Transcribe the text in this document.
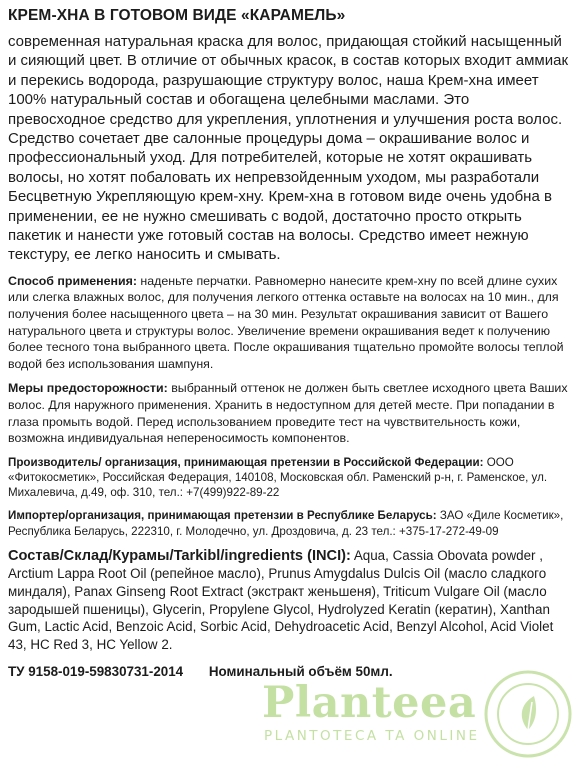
КРЕМ-ХНА В ГОТОВОМ ВИДЕ «КАРАМЕЛЬ»

современная натуральная краска для волос, придающая стойкий насыщенный и сияющий цвет. В отличие от обычных красок, в состав которых входит аммиак и перекись водорода, разрушающие структуру волос, наша Крем-хна имеет 100% натуральный состав и обогащена целебными маслами. Это превосходное средство для укрепления, уплотнения и улучшения роста волос. Средство сочетает две салонные процедуры дома – окрашивание волос и профессиональный уход. Для потребителей, которые не хотят окрашивать волосы, но хотят побаловать их непревзойденным уходом, мы разработали Бесцветную Укрепляющую крем-хну. Крем-хна в готовом виде очень удобна в применении, ее не нужно смешивать с водой, достаточно просто открыть пакетик и нанести уже готовый состав на волосы. Средство имеет нежную текстуру, ее легко наносить и смывать.

Способ применения: наденьте перчатки. Равномерно нанесите крем-хну по всей длине сухих или слегка влажных волос, для получения легкого оттенка оставьте на волосах на 10 мин., для получения более насыщенного цвета – на 30 мин. Результат окрашивания зависит от Вашего натурального цвета и структуры волос. Увеличение времени окрашивания ведет к получению более тесного тона выбранного цвета. После окрашивания тщательно промойте волосы теплой водой без использования шампуня.

Меры предосторожности: выбранный оттенок не должен быть светлее исходного цвета Ваших волос. Для наружного применения. Хранить в недоступном для детей месте. При попадании в глаза промыть водой. Перед использованием проведите тест на чувствительность кожи, возможна индивидуальная непереносимость компонентов.

Производитель/ организация, принимающая претензии в Российской Федерации: ООО «Фитокосметик», Российская Федерация, 140108, Московская обл. Раменский р-н, г. Раменское, ул. Михалевича, д.49, оф. 310, тел.: +7(499)922-89-22

Импортер/организация, принимающая претензии в Республике Беларусь: ЗАО «Диле Косметик», Республика Беларусь, 222310, г. Молодечно, ул. Дроздовича, д. 23 тел.: +375-17-272-49-09

Состав/Склад/Курамы/Tarkibl/ingredients (INCI): Aqua, Cassia Obovata powder , Arctium Lappa Root Oil (репейное масло), Prunus Amygdalus Dulcis Oil (масло сладкого миндаля), Panax Ginseng Root Extract (экстракт женьшеня), Triticum Vulgare Oil (масло зародышей пшеницы), Glycerin, Propylene Glycol, Hydrolyzed Keratin (кератин), Xanthan Gum, Lactic Acid, Benzoic Acid, Sorbic Acid, Dehydroacetic Acid, Benzyl Alcohol, Acid Violet 43, HC Red 3, HC Yellow 2.

ТУ 9158-019-59830731-2014 Номинальный объём 50мл.
Planteea
PLANTOTECA TA ONLINE
